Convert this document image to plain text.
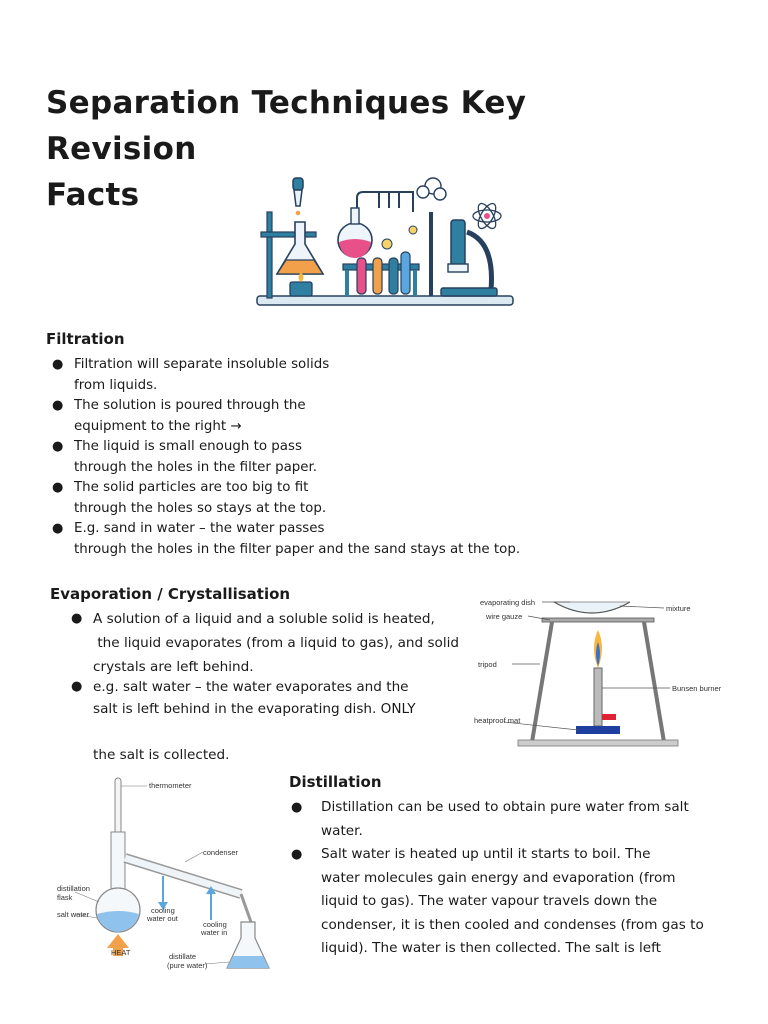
Separation Techniques Key Revision
Facts
Filtration
● Filtration will separate insoluble solids
from liquids.
● The solution is poured through the
equipment to the right →
● The liquid is small enough to pass
through the holes in the filter paper.
● The solid particles are too big to fit
through the holes so stays at the top.
● E.g. sand in water – the water passes
through the holes in the filter paper and the sand stays at the top.
Evaporation / Crystallisation
● A solution of a liquid and a soluble solid is heated,
the liquid evaporates (from a liquid to gas), and solid
crystals are left behind.
● e.g. salt water – the water evaporates and the
salt is left behind in the evaporating dish. ONLY
the salt is collected.
evaporating dish
wire gauze
mixture
tripod
Bunsen burner
heatproof mat
thermometer
condenser
distillation
flask
salt water	cooling
water out
cooling
water in
HEAT	distillate
(pure water)
Distillation
● Distillation can be used to obtain pure water from salt
water.
● Salt water is heated up until it starts to boil. The
water molecules gain energy and evaporation (from
liquid to gas). The water vapour travels down the
condenser, it is then cooled and condenses (from gas to
liquid). The water is then collected. The salt is left
